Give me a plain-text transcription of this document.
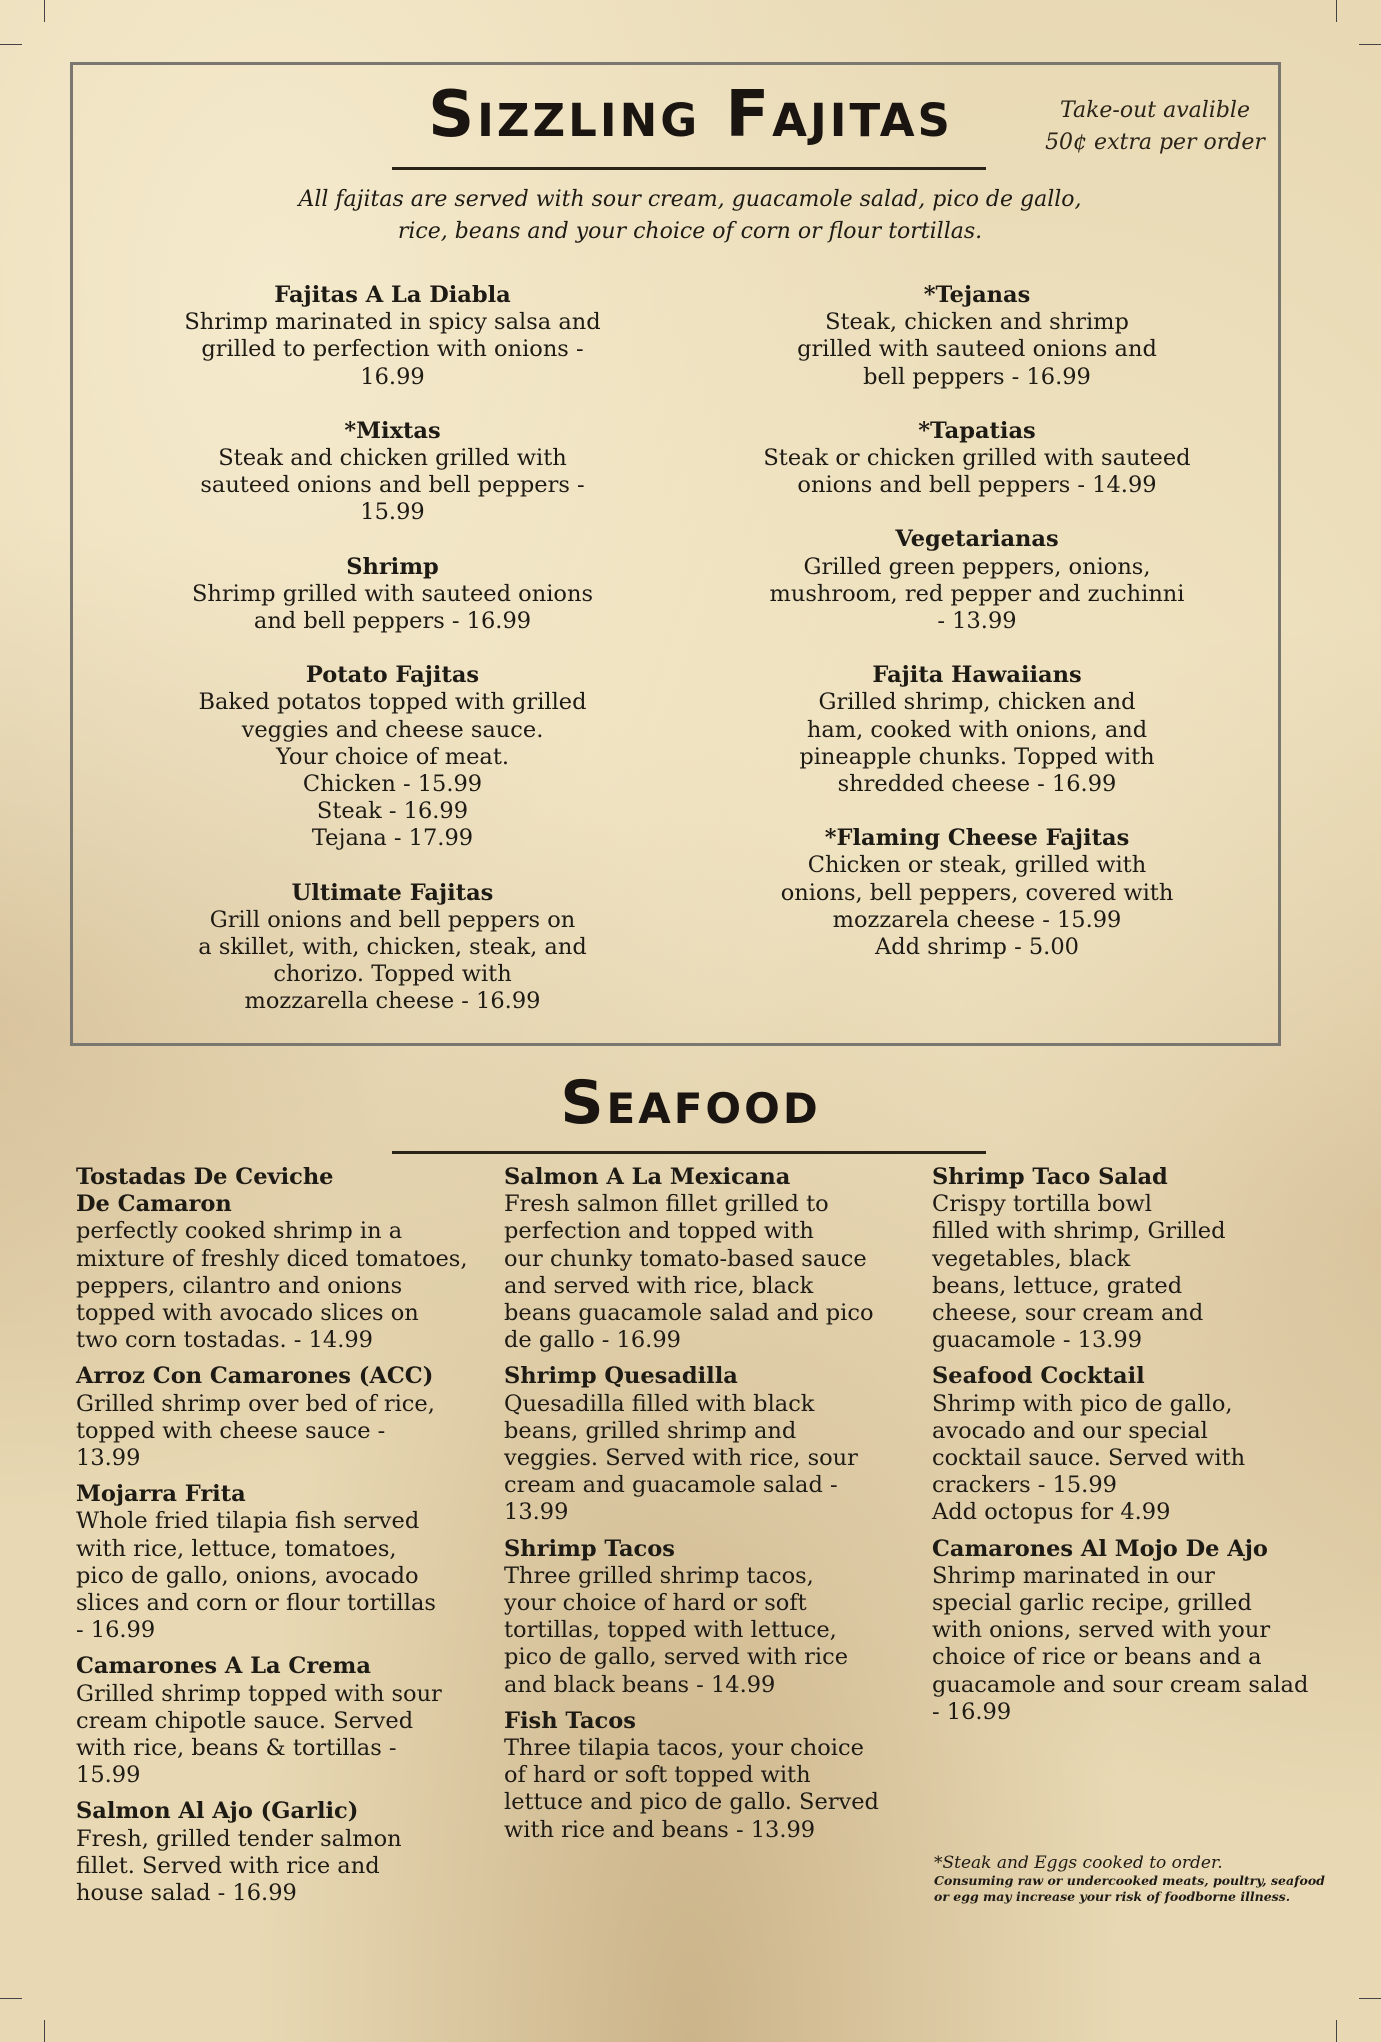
Sizzling Fajitas	Take-out avalible
50¢ extra per order
All fajitas are served with sour cream, guacamole salad, pico de gallo,
rice, beans and your choice of corn or flour tortillas.
Fajitas A La Diabla
Shrimp marinated in spicy salsa and
grilled to perfection with onions -
16.99
*Mixtas
Steak and chicken grilled with
sauteed onions and bell peppers -
15.99
Shrimp
Shrimp grilled with sauteed onions
and bell peppers - 16.99
Potato Fajitas
Baked potatos topped with grilled
veggies and cheese sauce.
Your choice of meat.
Chicken - 15.99
Steak - 16.99
Tejana - 17.99
Ultimate Fajitas
Grill onions and bell peppers on
a skillet, with, chicken, steak, and
chorizo. Topped with
mozzarella cheese - 16.99
*Tejanas
Steak, chicken and shrimp
grilled with sauteed onions and
bell peppers - 16.99
*Tapatias
Steak or chicken grilled with sauteed
onions and bell peppers - 14.99
Vegetarianas
Grilled green peppers, onions,
mushroom, red pepper and zuchinni
- 13.99
Fajita Hawaiians
Grilled shrimp, chicken and
ham, cooked with onions, and
pineapple chunks. Topped with
shredded cheese - 16.99
*Flaming Cheese Fajitas
Chicken or steak, grilled with
onions, bell peppers, covered with
mozzarela cheese - 15.99
Add shrimp - 5.00
Seafood
Tostadas De Ceviche
De Camaron
perfectly cooked shrimp in a
mixture of freshly diced tomatoes,
peppers, cilantro and onions
topped with avocado slices on
two corn tostadas. - 14.99
Arroz Con Camarones (ACC)
Grilled shrimp over bed of rice,
topped with cheese sauce -
13.99
Mojarra Frita
Whole fried tilapia fish served
with rice, lettuce, tomatoes,
pico de gallo, onions, avocado
slices and corn or flour tortillas
- 16.99
Camarones A La Crema
Grilled shrimp topped with sour
cream chipotle sauce. Served
with rice, beans & tortillas -
15.99
Salmon Al Ajo (Garlic)
Fresh, grilled tender salmon
fillet. Served with rice and
house salad - 16.99
Salmon A La Mexicana
Fresh salmon fillet grilled to
perfection and topped with
our chunky tomato-based sauce
and served with rice, black
beans guacamole salad and pico
de gallo - 16.99
Shrimp Quesadilla
Quesadilla filled with black
beans, grilled shrimp and
veggies. Served with rice, sour
cream and guacamole salad -
13.99
Shrimp Tacos
Three grilled shrimp tacos,
your choice of hard or soft
tortillas, topped with lettuce,
pico de gallo, served with rice
and black beans - 14.99
Fish Tacos
Three tilapia tacos, your choice
of hard or soft topped with
lettuce and pico de gallo. Served
with rice and beans - 13.99
Shrimp Taco Salad
Crispy tortilla bowl
filled with shrimp, Grilled
vegetables, black
beans, lettuce, grated
cheese, sour cream and
guacamole - 13.99
Seafood Cocktail
Shrimp with pico de gallo,
avocado and our special
cocktail sauce. Served with
crackers - 15.99
Add octopus for 4.99
Camarones Al Mojo De Ajo
Shrimp marinated in our
special garlic recipe, grilled
with onions, served with your
choice of rice or beans and a
guacamole and sour cream salad
- 16.99
*Steak and Eggs cooked to order.
Consuming raw or undercooked meats, poultry, seafood
or egg may increase your risk of foodborne illness.
